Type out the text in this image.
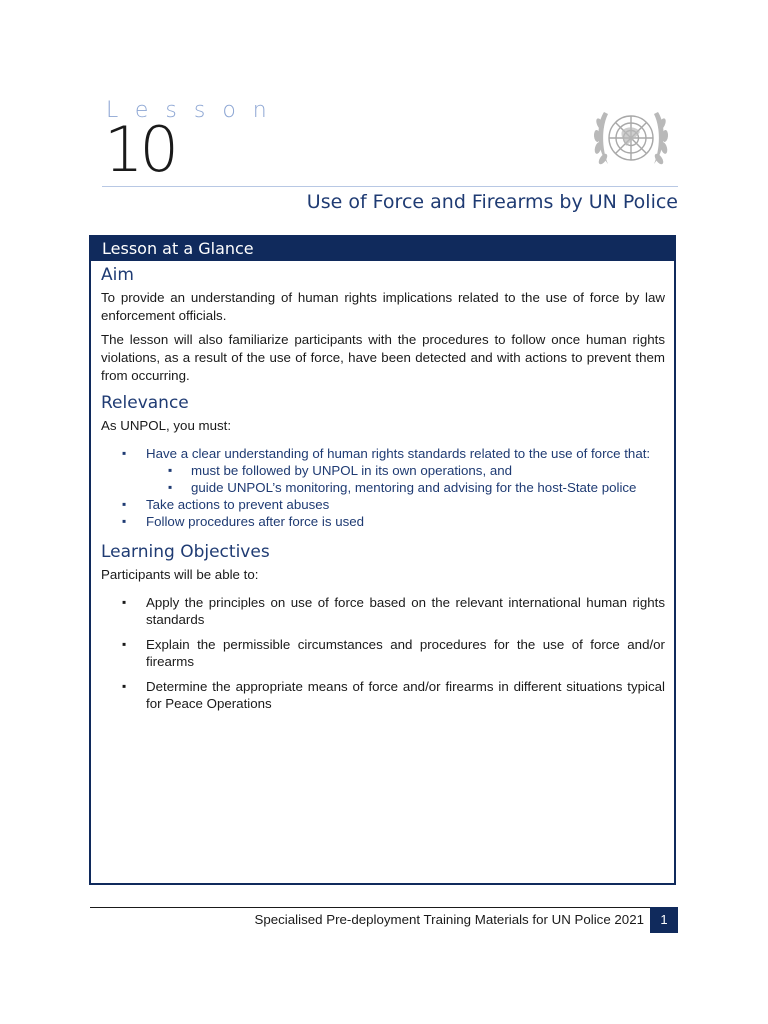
Lesson
10
Use of Force and Firearms by UN Police
Lesson at a Glance
Aim

To provide an understanding of human rights implications related to the use of force by law enforcement officials.

The lesson will also familiarize participants with the procedures to follow once human rights violations, as a result of the use of force, have been detected and with actions to prevent them from occurring.

Relevance

As UNPOL, you must:

▪ Have a clear understanding of human rights standards related to the use of force that:
▪ must be followed by UNPOL in its own operations, and
▪ guide UNPOL’s monitoring, mentoring and advising for the host-State police
▪ Take actions to prevent abuses
▪ Follow procedures after force is used
Learning Objectives

Participants will be able to:

▪ Apply the principles on use of force based on the relevant international human rights standards
▪ Explain the permissible circumstances and procedures for the use of force and/or firearms
▪ Determine the appropriate means of force and/or firearms in different situations typical for Peace Operations
Specialised Pre-deployment Training Materials for UN Police 2021	1
